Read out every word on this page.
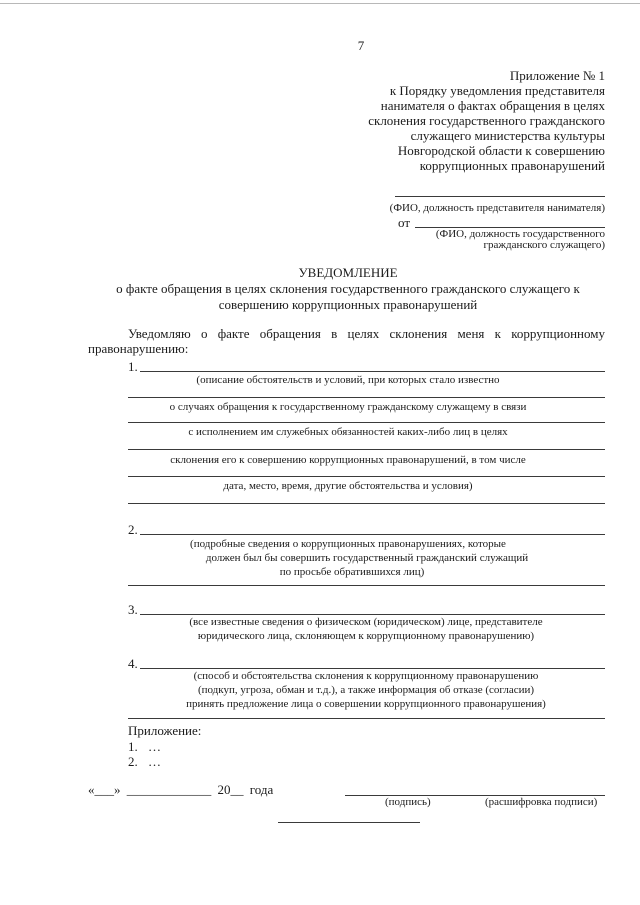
7
Приложение № 1
к Порядку уведомления представителя
нанимателя о фактах обращения в целях
склонения государственного гражданского
служащего министерства культуры
Новгородской области к совершению
коррупционных правонарушений
(ФИО, должность представителя нанимателя)
от
(ФИО, должность государственного
гражданского служащего)
УВЕДОМЛЕНИЕ
о факте обращения в целях склонения государственного гражданского служащего к
совершению коррупционных правонарушений
Уведомляю о факте обращения в целях склонения меня к коррупционному
правонарушению:
1.
(описание обстоятельств и условий, при которых стало известно
о случаях обращения к государственному гражданскому служащему в связи
с исполнением им служебных обязанностей каких-либо лиц в целях
склонения его к совершению коррупционных правонарушений, в том числе
дата, место, время, другие обстоятельства и условия)
2.
(подробные сведения о коррупционных правонарушениях, которые
должен был бы совершить государственный гражданский служащий
по просьбе обратившихся лиц)
3.
(все известные сведения о физическом (юридическом) лице, представителе
юридического лица, склоняющем к коррупционному правонарушению)
4.
(способ и обстоятельства склонения к коррупционному правонарушению
(подкуп, угроза, обман и т.д.), а также информация об отказе (согласии)
принять предложение лица о совершении коррупционного правонарушения)
Приложение:
1. …
2. …
«___» _____________ 20__ года
(подпись)	(расшифровка подписи)
